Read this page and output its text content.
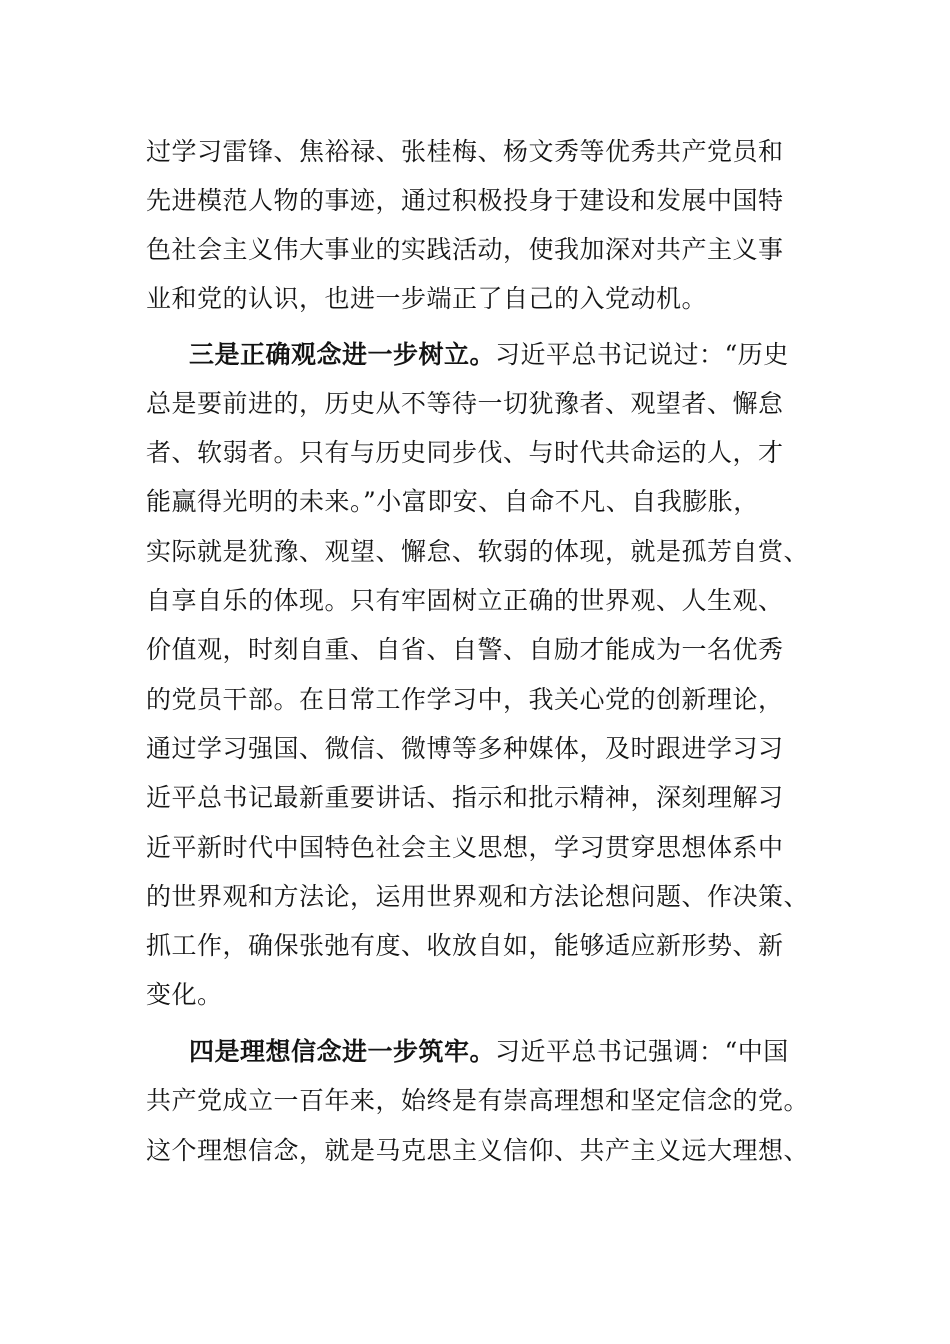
过学习雷锋、焦裕禄、张桂梅、杨文秀等优秀共产党员和
先进模范人物的事迹，通过积极投身于建设和发展中国特
色社会主义伟大事业的实践活动，使我加深对共产主义事
业和党的认识，也进一步端正了自己的入党动机。
三是正确观念进一步树立。习近平总书记说过：“历史
总是要前进的，历史从不等待一切犹豫者、观望者、懈怠
者、软弱者。只有与历史同步伐、与时代共命运的人，才
能赢得光明的未来。”小富即安、自命不凡、自我膨胀，
实际就是犹豫、观望、懈怠、软弱的体现，就是孤芳自赏、
自享自乐的体现。只有牢固树立正确的世界观、人生观、
价值观，时刻自重、自省、自警、自励才能成为一名优秀
的党员干部。在日常工作学习中，我关心党的创新理论，
通过学习强国、微信、微博等多种媒体，及时跟进学习习
近平总书记最新重要讲话、指示和批示精神，深刻理解习
近平新时代中国特色社会主义思想，学习贯穿思想体系中
的世界观和方法论，运用世界观和方法论想问题、作决策、
抓工作，确保张弛有度、收放自如，能够适应新形势、新
变化。
四是理想信念进一步筑牢。习近平总书记强调：“中国
共产党成立一百年来，始终是有崇高理想和坚定信念的党。
这个理想信念，就是马克思主义信仰、共产主义远大理想、
